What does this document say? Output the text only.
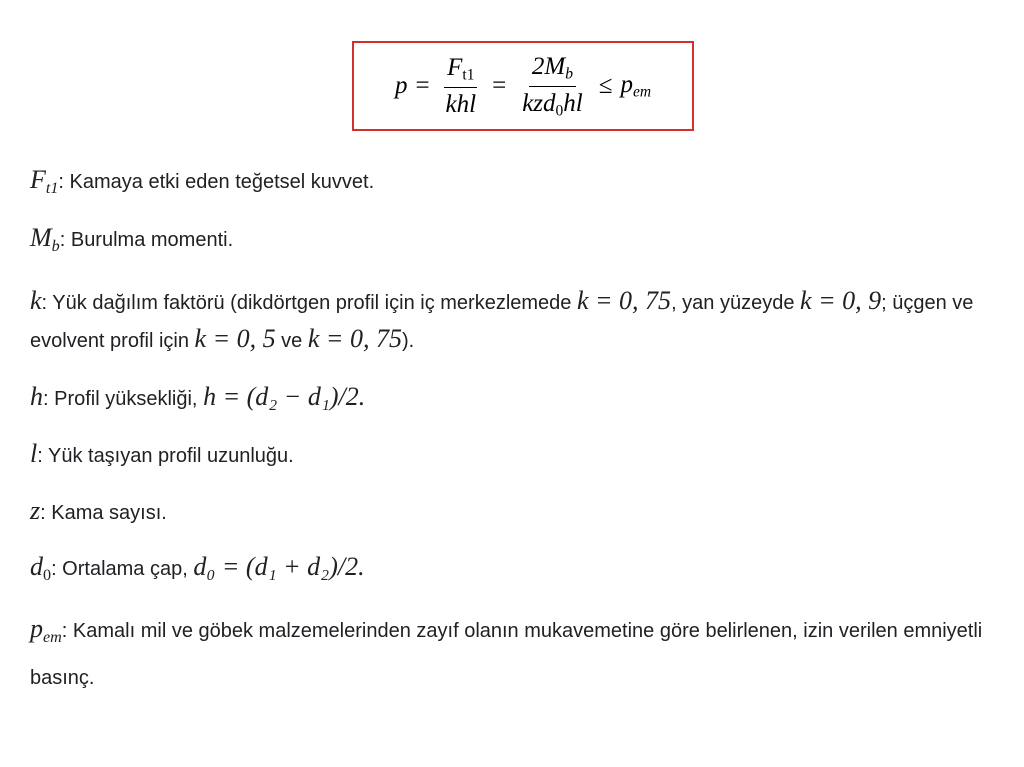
$p = \frac{F_{t1}}{\text{khl}} = \frac{2M_b}{kzd_0hl} \le p_{em}$
$F_{t1}$: Kamaya etki eden teğetsel kuvvet.
$M_b$: Burulma momenti.
k: Yük dağılım faktörü (dikdörtgen profil için iç merkezlemede k = 0, 75, yan yüzeyde k = 0, 9; üçgen ve evolvent profil için k = 0, 5 ve k = 0, 75).
h: Profil yüksekliği, h = (d₂ − d₁)/2.
l: Yük taşıyan profil uzunluğu.
z: Kama sayısı.
$d_0$: Ortalama çap, d₀ = (d₁ + d₂)/2.
$p_{em}$: Kamalı mil ve göbek malzemelerinden zayıf olanın mukavemetine göre belirlenen, izin verilen emniyetli basınç.
